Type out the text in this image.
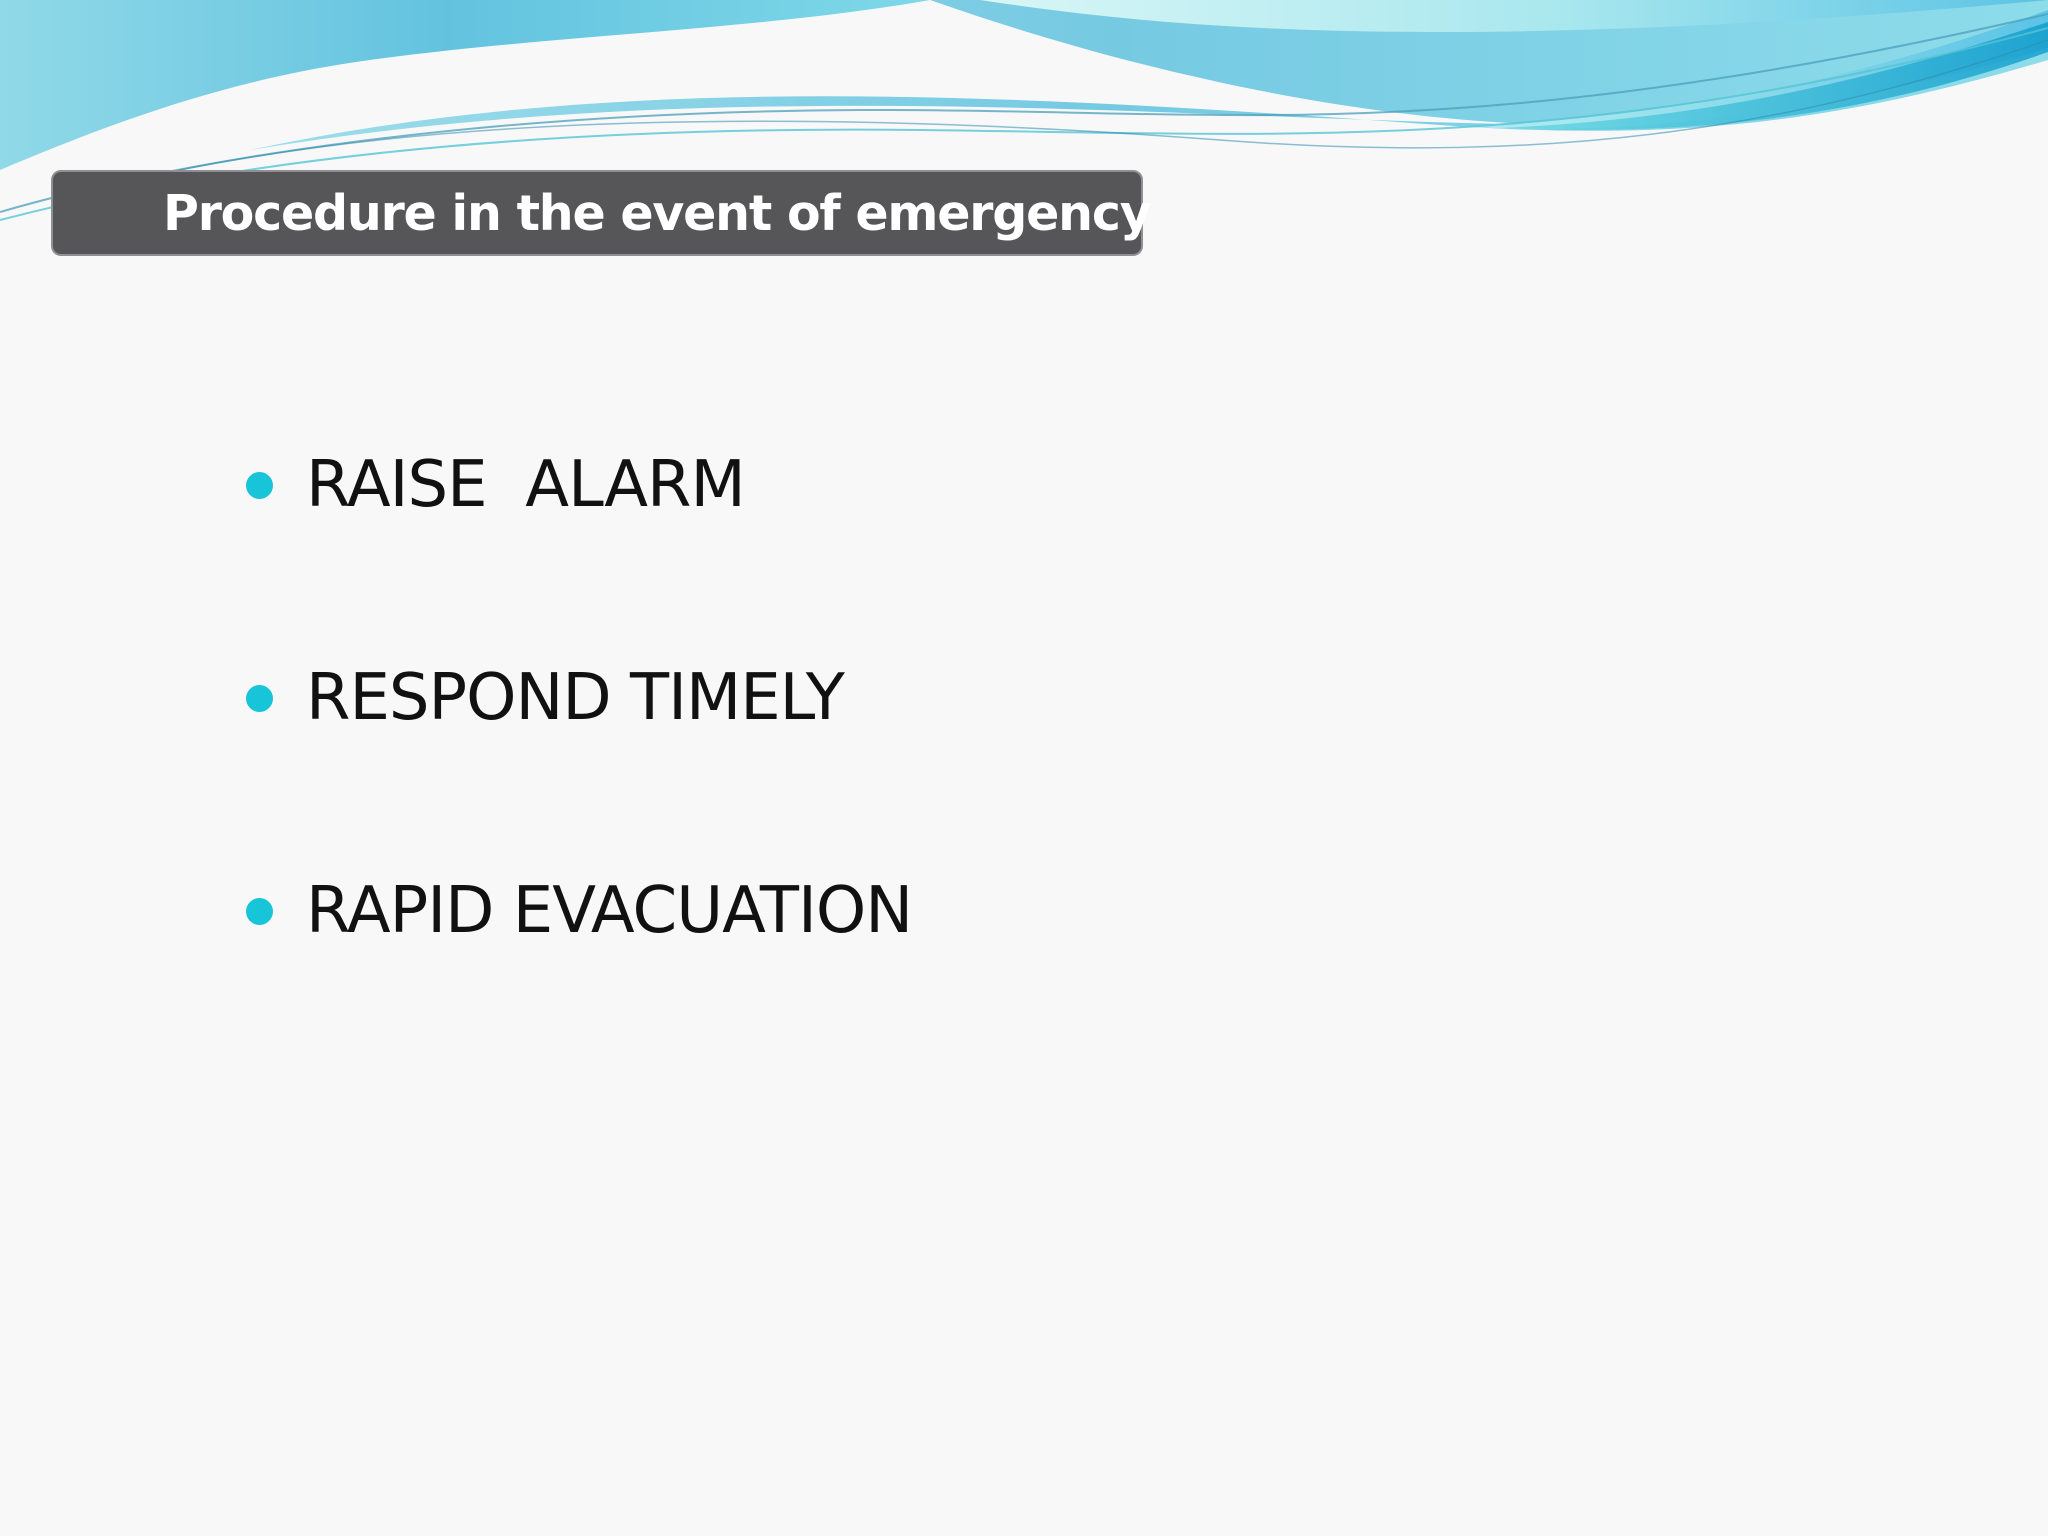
Procedure in the event of emergency
RAISE  ALARM
RESPOND TIMELY
RAPID EVACUATION
